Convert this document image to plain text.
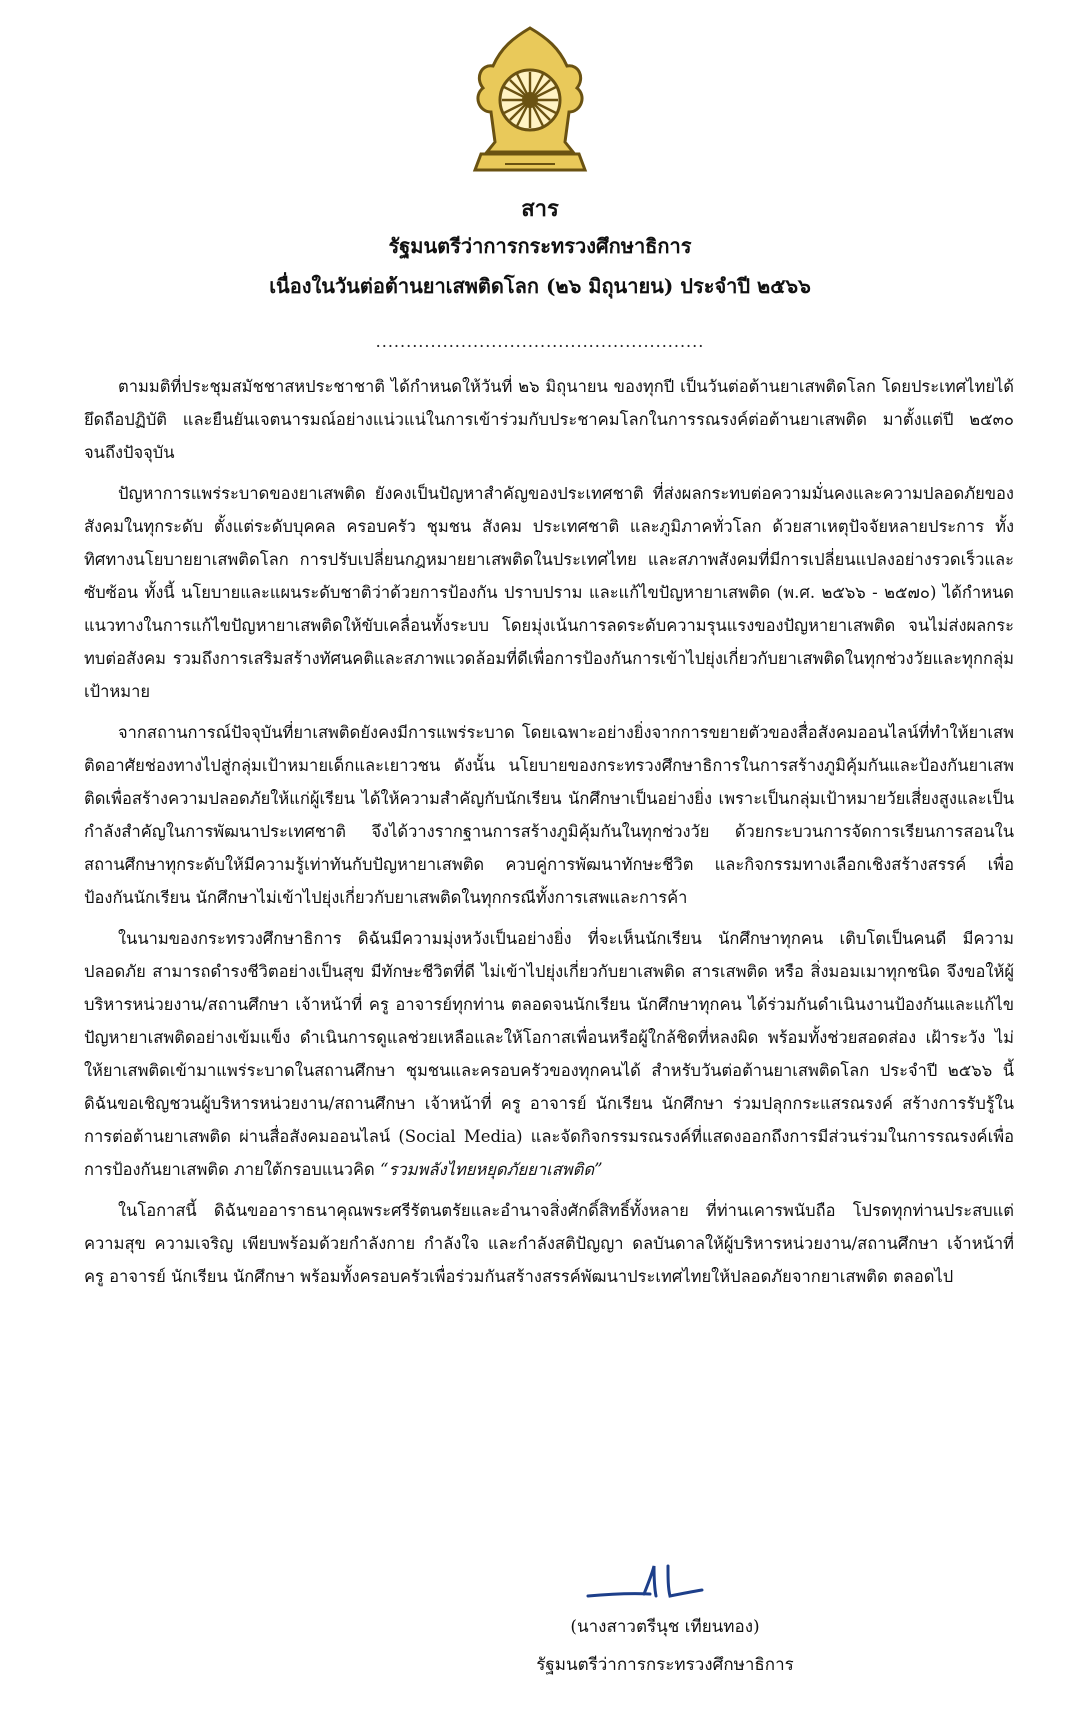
สาร
รัฐมนตรีว่าการกระทรวงศึกษาธิการ
เนื่องในวันต่อต้านยาเสพติดโลก (๒๖ มิถุนายน) ประจำปี ๒๕๖๖
......................................................

ตามมติที่ประชุมสมัชชาสหประชาชาติ ได้กำหนดให้วันที่ ๒๖ มิถุนายน ของทุกปี เป็นวันต่อต้านยาเสพติดโลก โดยประเทศไทยได้ยึดถือปฏิบัติ และยืนยันเจตนารมณ์อย่างแน่วแน่ในการเข้าร่วมกับประชาคมโลกในการรณรงค์ต่อต้านยาเสพติด มาตั้งแต่ปี ๒๕๓๐ จนถึงปัจจุบัน

ปัญหาการแพร่ระบาดของยาเสพติด ยังคงเป็นปัญหาสำคัญของประเทศชาติ ที่ส่งผลกระทบต่อความมั่นคงและความปลอดภัยของสังคมในทุกระดับ ตั้งแต่ระดับบุคคล ครอบครัว ชุมชน สังคม ประเทศชาติ และภูมิภาคทั่วโลก ด้วยสาเหตุปัจจัยหลายประการ ทั้งทิศทางนโยบายยาเสพติดโลก การปรับเปลี่ยนกฎหมายยาเสพติดในประเทศไทย และสภาพสังคมที่มีการเปลี่ยนแปลงอย่างรวดเร็วและซับซ้อน ทั้งนี้ นโยบายและแผนระดับชาติว่าด้วยการป้องกัน ปราบปราม และแก้ไขปัญหายาเสพติด (พ.ศ. ๒๕๖๖ - ๒๕๗๐) ได้กำหนดแนวทางในการแก้ไขปัญหายาเสพติดให้ขับเคลื่อนทั้งระบบ โดยมุ่งเน้นการลดระดับความรุนแรงของปัญหายาเสพติด จนไม่ส่งผลกระทบต่อสังคม รวมถึงการเสริมสร้างทัศนคติและสภาพแวดล้อมที่ดีเพื่อการป้องกันการเข้าไปยุ่งเกี่ยวกับยาเสพติดในทุกช่วงวัยและทุกกลุ่มเป้าหมาย

จากสถานการณ์ปัจจุบันที่ยาเสพติดยังคงมีการแพร่ระบาด โดยเฉพาะอย่างยิ่งจากการขยายตัวของสื่อสังคมออนไลน์ที่ทำให้ยาเสพติดอาศัยช่องทางไปสู่กลุ่มเป้าหมายเด็กและเยาวชน ดังนั้น นโยบายของกระทรวงศึกษาธิการในการสร้างภูมิคุ้มกันและป้องกันยาเสพติดเพื่อสร้างความปลอดภัยให้แก่ผู้เรียน ได้ให้ความสำคัญกับนักเรียน นักศึกษาเป็นอย่างยิ่ง เพราะเป็นกลุ่มเป้าหมายวัยเสี่ยงสูงและเป็นกำลังสำคัญในการพัฒนาประเทศชาติ จึงได้วางรากฐานการสร้างภูมิคุ้มกันในทุกช่วงวัย ด้วยกระบวนการจัดการเรียนการสอนในสถานศึกษาทุกระดับให้มีความรู้เท่าทันกับปัญหายาเสพติด ควบคู่การพัฒนาทักษะชีวิต และกิจกรรมทางเลือกเชิงสร้างสรรค์ เพื่อป้องกันนักเรียน นักศึกษาไม่เข้าไปยุ่งเกี่ยวกับยาเสพติดในทุกกรณีทั้งการเสพและการค้า

ในนามของกระทรวงศึกษาธิการ ดิฉันมีความมุ่งหวังเป็นอย่างยิ่ง ที่จะเห็นนักเรียน นักศึกษาทุกคน เติบโตเป็นคนดี มีความปลอดภัย สามารถดำรงชีวิตอย่างเป็นสุข มีทักษะชีวิตที่ดี ไม่เข้าไปยุ่งเกี่ยวกับยาเสพติด สารเสพติด หรือ สิ่งมอมเมาทุกชนิด จึงขอให้ผู้บริหารหน่วยงาน/สถานศึกษา เจ้าหน้าที่ ครู อาจารย์ทุกท่าน ตลอดจนนักเรียน นักศึกษาทุกคน ได้ร่วมกันดำเนินงานป้องกันและแก้ไขปัญหายาเสพติดอย่างเข้มแข็ง ดำเนินการดูแลช่วยเหลือและให้โอกาสเพื่อนหรือผู้ใกล้ชิดที่หลงผิด พร้อมทั้งช่วยสอดส่อง เฝ้าระวัง ไม่ให้ยาเสพติดเข้ามาแพร่ระบาดในสถานศึกษา ชุมชนและครอบครัวของทุกคนได้ สำหรับวันต่อต้านยาเสพติดโลก ประจำปี ๒๕๖๖ นี้ ดิฉันขอเชิญชวนผู้บริหารหน่วยงาน/สถานศึกษา เจ้าหน้าที่ ครู อาจารย์ นักเรียน นักศึกษา ร่วมปลุกกระแสรณรงค์ สร้างการรับรู้ในการต่อต้านยาเสพติด ผ่านสื่อสังคมออนไลน์ (Social Media) และจัดกิจกรรมรณรงค์ที่แสดงออกถึงการมีส่วนร่วมในการรณรงค์เพื่อการป้องกันยาเสพติด ภายใต้กรอบแนวคิด “รวมพลังไทยหยุดภัยยาเสพติด”

ในโอกาสนี้ ดิฉันขออาราธนาคุณพระศรีรัตนตรัยและอำนาจสิ่งศักดิ์สิทธิ์ทั้งหลาย ที่ท่านเคารพนับถือ โปรดทุกท่านประสบแต่ความสุข ความเจริญ เพียบพร้อมด้วยกำลังกาย กำลังใจ และกำลังสติปัญญา ดลบันดาลให้ผู้บริหารหน่วยงาน/สถานศึกษา เจ้าหน้าที่ ครู อาจารย์ นักเรียน นักศึกษา พร้อมทั้งครอบครัวเพื่อร่วมกันสร้างสรรค์พัฒนาประเทศไทยให้ปลอดภัยจากยาเสพติด ตลอดไป

(นางสาวตรีนุช เทียนทอง)
รัฐมนตรีว่าการกระทรวงศึกษาธิการ
